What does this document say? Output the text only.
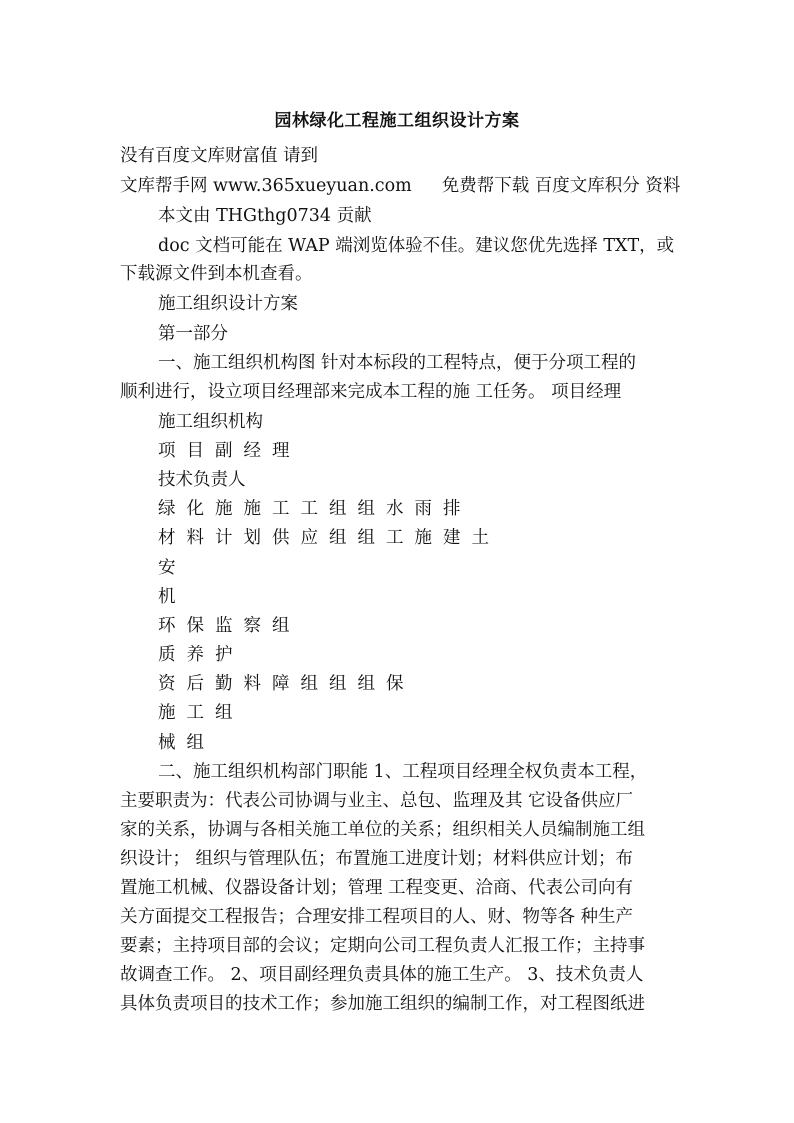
园林绿化工程施工组织设计方案
没有百度文库财富值 请到
文库帮手网 www.365xueyuan.com 免费帮下载 百度文库积分 资料
本文由 THGthg0734 贡献
doc 文档可能在 WAP 端浏览体验不佳。建议您优先选择 TXT，或
下载源文件到本机查看。
施工组织设计方案
第一部分
一、施工组织机构图 针对本标段的工程特点，便于分项工程的
顺利进行，设立项目经理部来完成本工程的施 工任务。 项目经理
施工组织机构
项目副经理
技术负责人
绿化施施工工组组水雨排
材料计划供应组组工施建土
安
机
环保监察组
质养护
资后勤料障组组组保
施工组
械组
二、施工组织机构部门职能 1、工程项目经理全权负责本工程，
主要职责为：代表公司协调与业主、总包、监理及其 它设备供应厂
家的关系，协调与各相关施工单位的关系；组织相关人员编制施工组
织设计； 组织与管理队伍；布置施工进度计划；材料供应计划；布
置施工机械、仪器设备计划；管理 工程变更、洽商、代表公司向有
关方面提交工程报告；合理安排工程项目的人、财、物等各 种生产
要素；主持项目部的会议；定期向公司工程负责人汇报工作；主持事
故调查工作。 2、项目副经理负责具体的施工生产。 3、技术负责人
具体负责项目的技术工作；参加施工组织的编制工作，对工程图纸进
